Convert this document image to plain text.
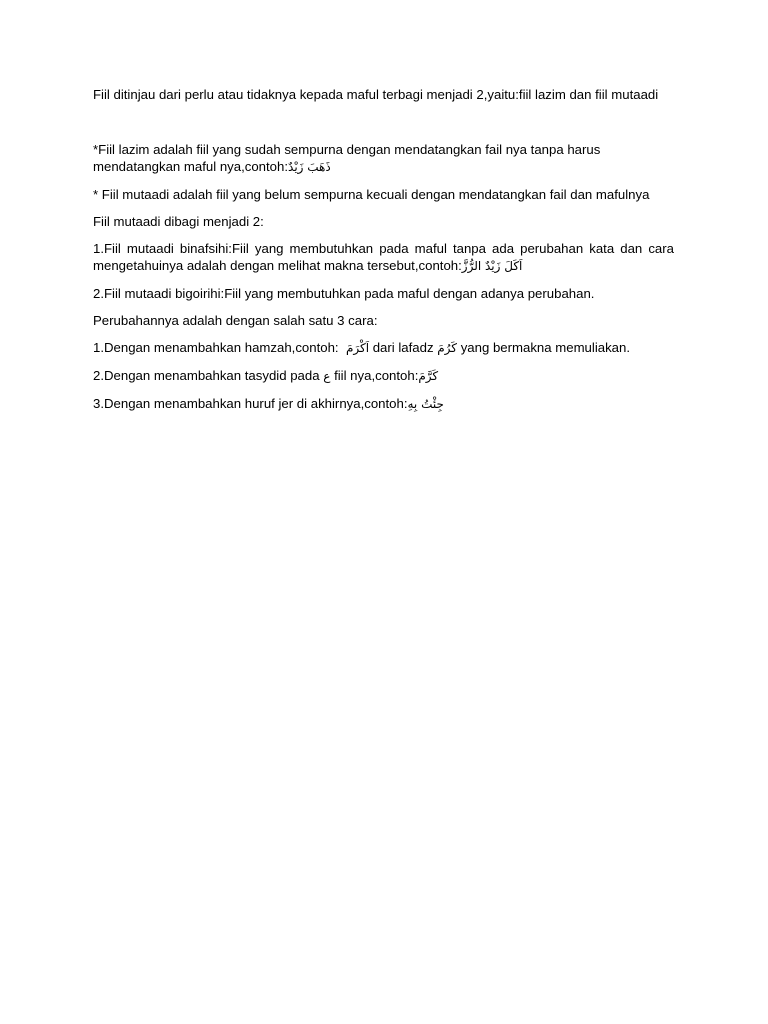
Fiil ditinjau dari perlu atau tidaknya kepada maful terbagi menjadi 2,yaitu:fiil lazim dan fiil mutaadi

*Fiil lazim adalah fiil yang sudah sempurna dengan mendatangkan fail nya tanpa harus mendatangkan maful nya,contoh:ذَهَبَ زَيْدٌ

* Fiil mutaadi adalah fiil yang belum sempurna kecuali dengan mendatangkan fail dan mafulnya

Fiil mutaadi dibagi menjadi 2:

1.Fiil mutaadi binafsihi:Fiil yang membutuhkan pada maful tanpa ada perubahan kata dan cara mengetahuinya adalah dengan melihat makna tersebut,contoh:اَكَلَ زَيْدٌ الرُّزَّ

2.Fiil mutaadi bigoirihi:Fiil yang membutuhkan pada maful dengan adanya perubahan.

Perubahannya adalah dengan salah satu 3 cara:

1.Dengan menambahkan hamzah,contoh: اَكْرَمَ dari lafadz كَرُمَ yang bermakna memuliakan.

2.Dengan menambahkan tasydid pada ع fiil nya,contoh:كَرَّمَ

3.Dengan menambahkan huruf jer di akhirnya,contoh:جِئْتُ بِهِ
